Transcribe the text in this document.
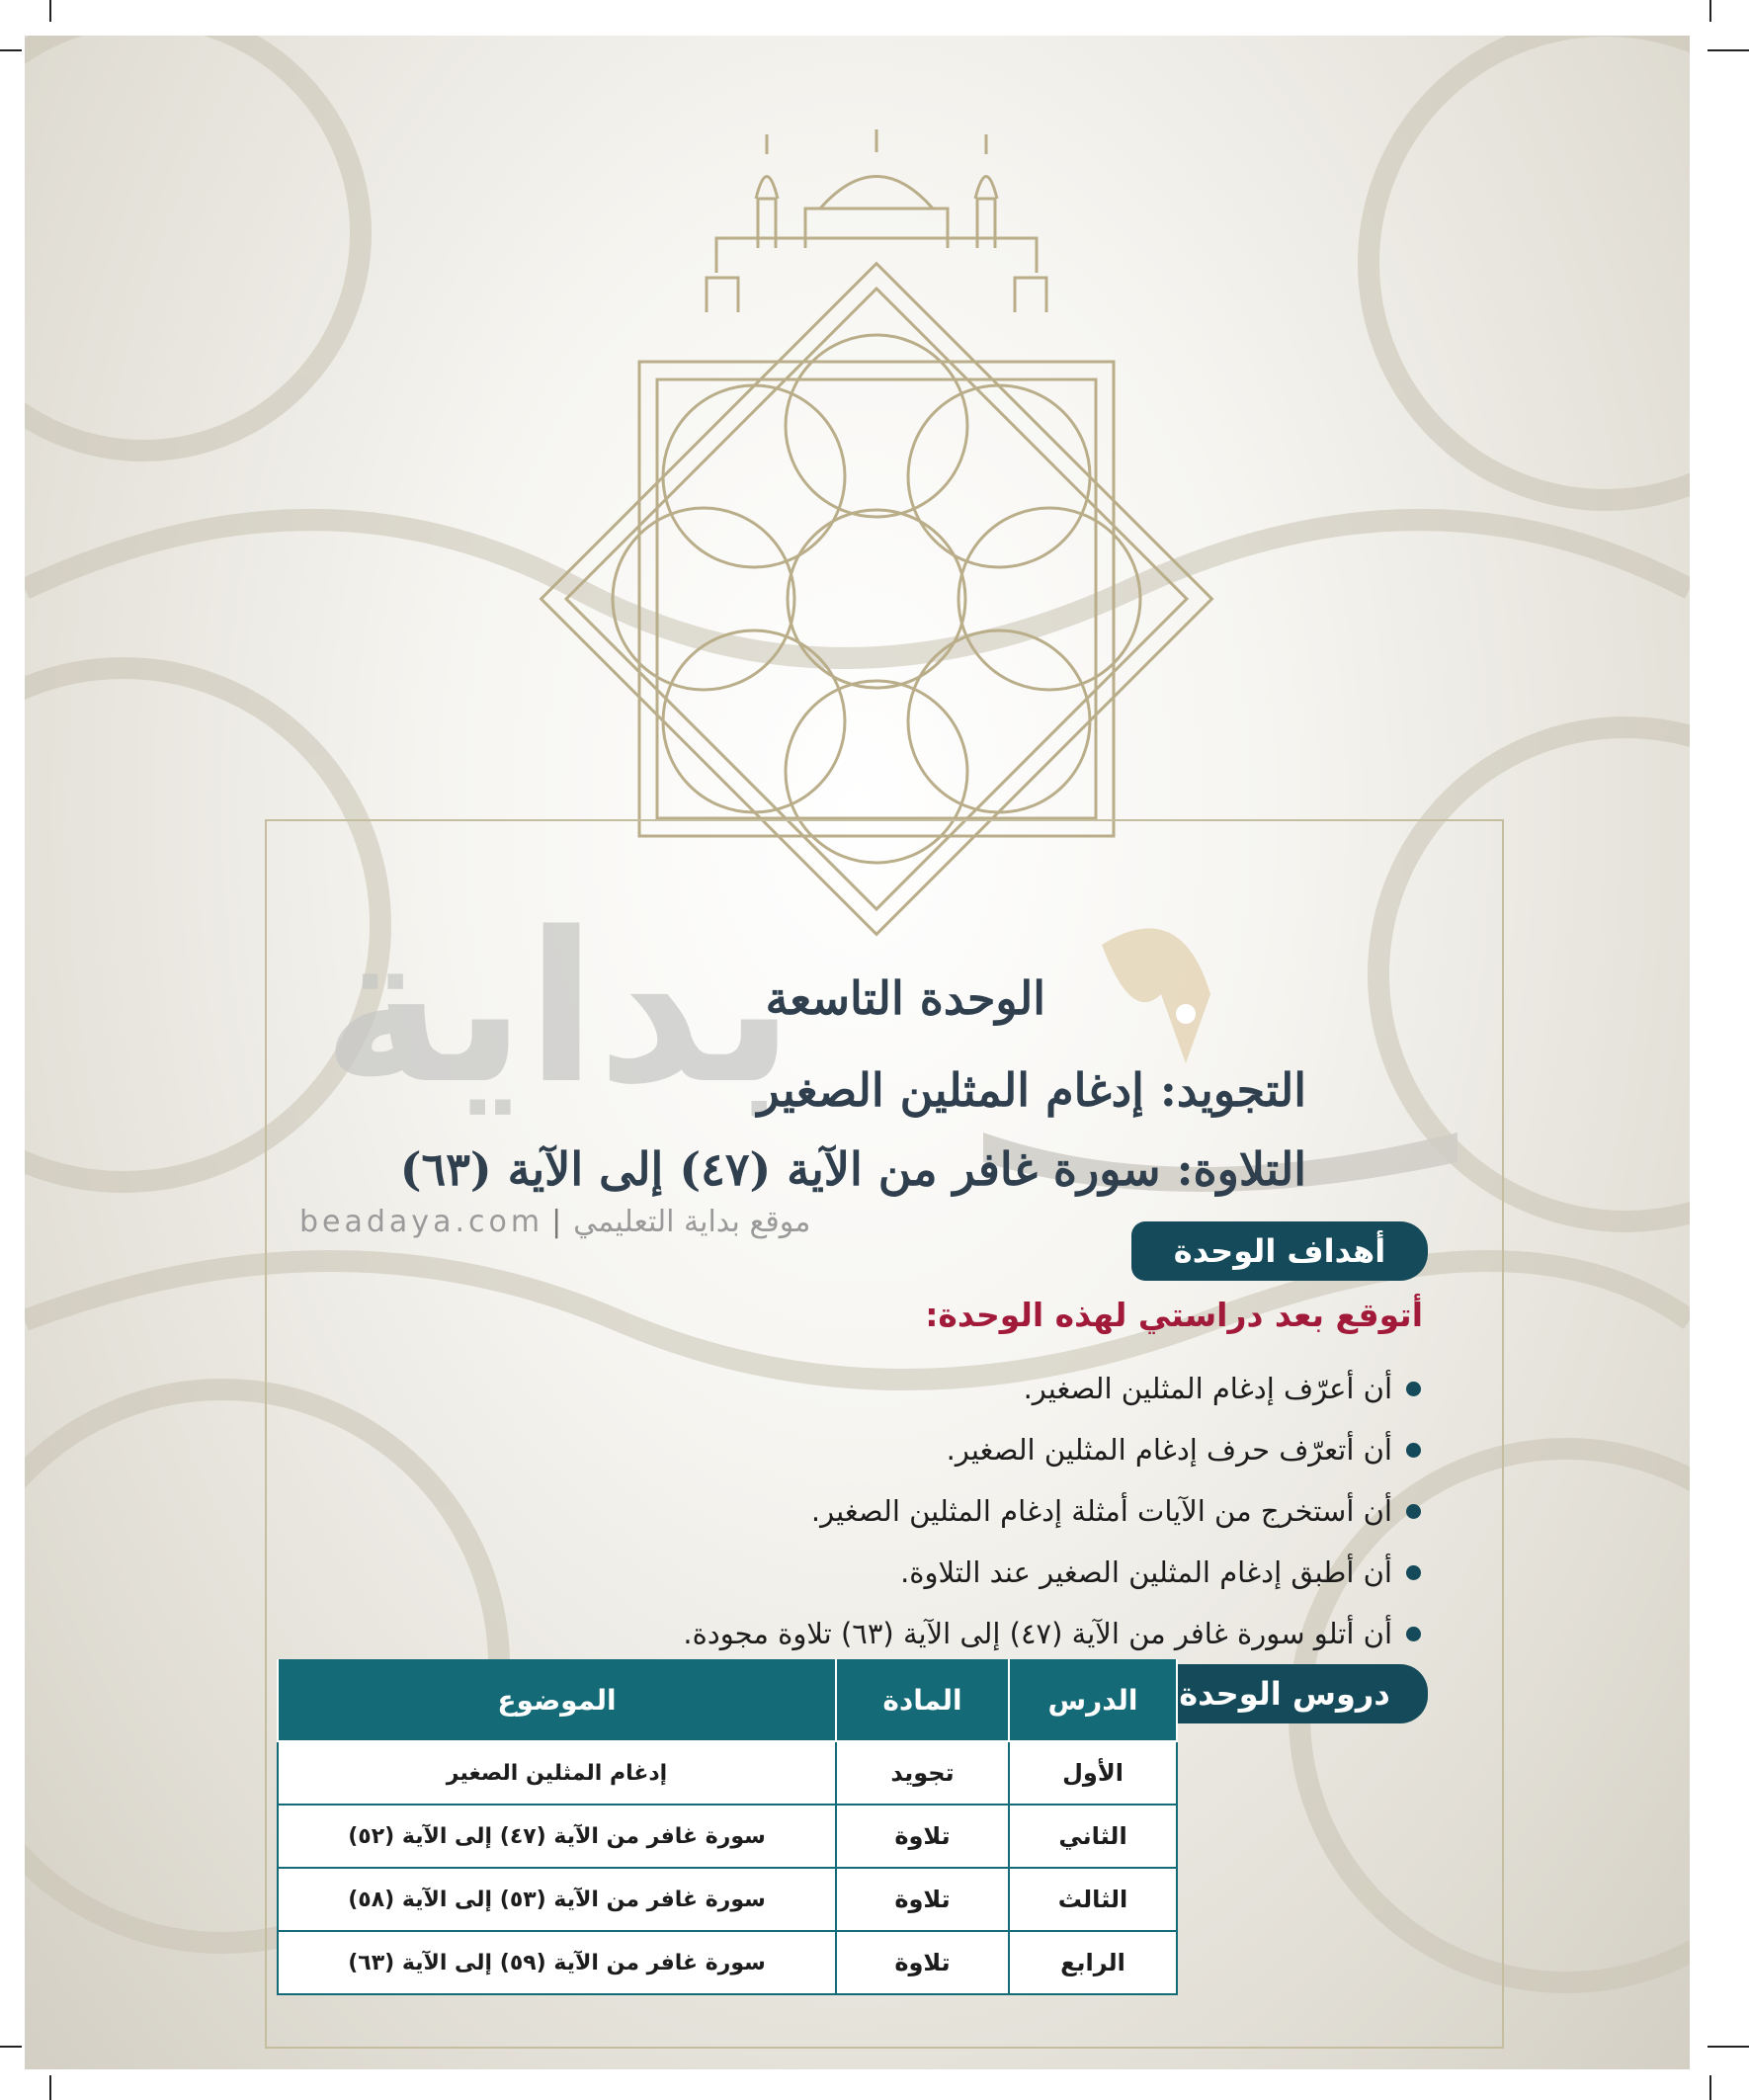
بداية
beadaya.com | موقع بداية التعليمي
الوحدة التاسعة
التجويد: إدغام المثلين الصغير
التلاوة: سورة غافر من الآية (٤٧) إلى الآية (٦٣)
أهداف الوحدة
أتوقع بعد دراستي لهذه الوحدة:
أن أعرّف إدغام المثلين الصغير.
أن أتعرّف حرف إدغام المثلين الصغير.
أن أستخرج من الآيات أمثلة إدغام المثلين الصغير.
أن أطبق إدغام المثلين الصغير عند التلاوة.
أن أتلو سورة غافر من الآية (٤٧) إلى الآية (٦٣) تلاوة مجودة.
دروس الوحدة
الدرس	المادة	الموضوع
الأول	تجويد	إدغام المثلين الصغير
الثاني	تلاوة	سورة غافر من الآية (٤٧) إلى الآية (٥٢)
الثالث	تلاوة	سورة غافر من الآية (٥٣) إلى الآية (٥٨)
الرابع	تلاوة	سورة غافر من الآية (٥٩) إلى الآية (٦٣)
